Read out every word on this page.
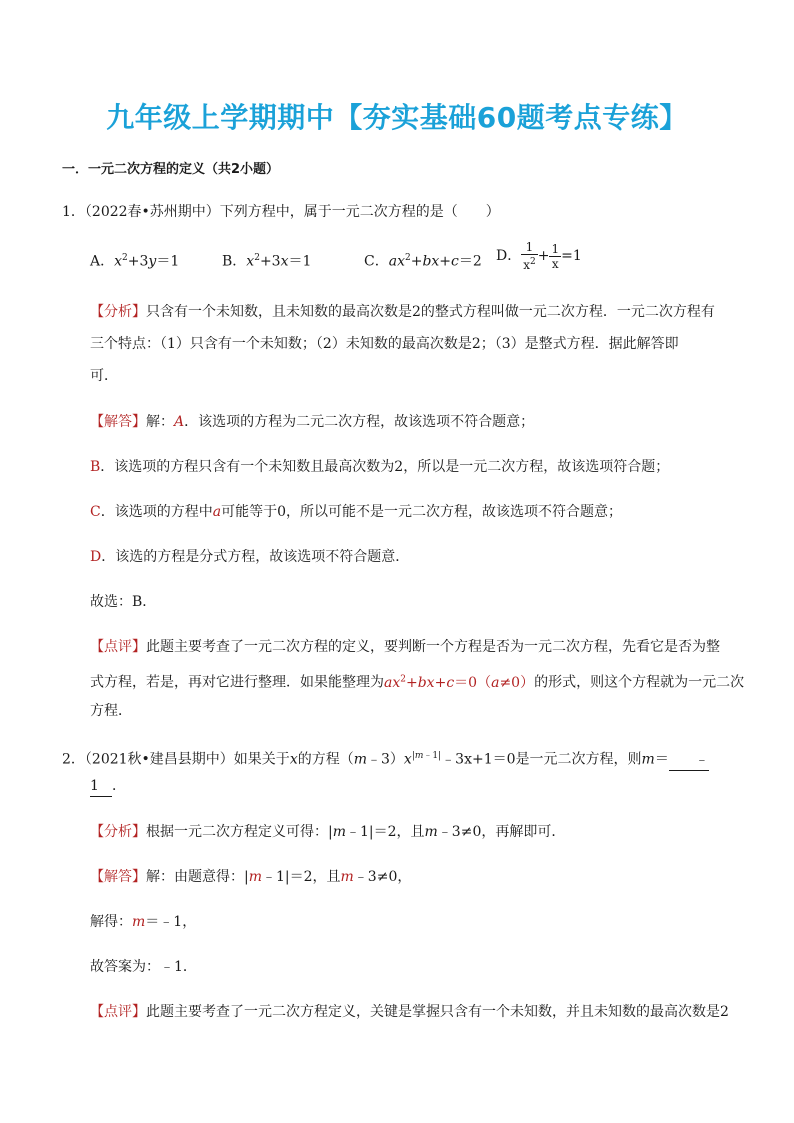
九年级上学期期中【夯实基础60题考点专练】
一．一元二次方程的定义（共2小题）
1．（2022春•苏州期中）下列方程中，属于一元二次方程的是（　　）
A．$x^2+3y=1$	B．$x^2+3x=1$	C．$ax^2+bx+c=2$ D． $\frac{1}{x^2} + \frac{1}{x} =1$
【分析】只含有一个未知数，且未知数的最高次数是2的整式方程叫做一元二次方程．一元二次方程有
三个特点：（1）只含有一个未知数；（2）未知数的最高次数是2；（3）是整式方程．据此解答即
可．
【解答】解：A．该选项的方程为二元二次方程，故该选项不符合题意；
B．该选项的方程只含有一个未知数且最高次数为2，所以是一元二次方程，故该选项符合题；
C．该选项的方程中a可能等于0，所以可能不是一元二次方程，故该选项不符合题意；
D．该选的方程是分式方程，故该选项不符合题意．
故选：B．
【点评】此题主要考查了一元二次方程的定义，要判断一个方程是否为一元二次方程，先看它是否为整
式方程，若是，再对它进行整理．如果能整理为$ax^2+bx+c=0(a\ne 0)$的形式，则这个方程就为一元二次
方程．
2．（2021秋•建昌县期中）如果关于x的方程$(m﹣3)x^{|m﹣1|}﹣3x+1=0$是一元二次方程，则m＝ ﹣
1 ．
【分析】根据一元二次方程定义可得：|m﹣1|＝2，且m﹣3≠0，再解即可．
【解答】解：由题意得：|m﹣1|＝2，且m﹣3≠0，
解得：m＝﹣1，
故答案为：﹣1．
【点评】此题主要考查了一元二次方程定义，关键是掌握只含有一个未知数，并且未知数的最高次数是2
